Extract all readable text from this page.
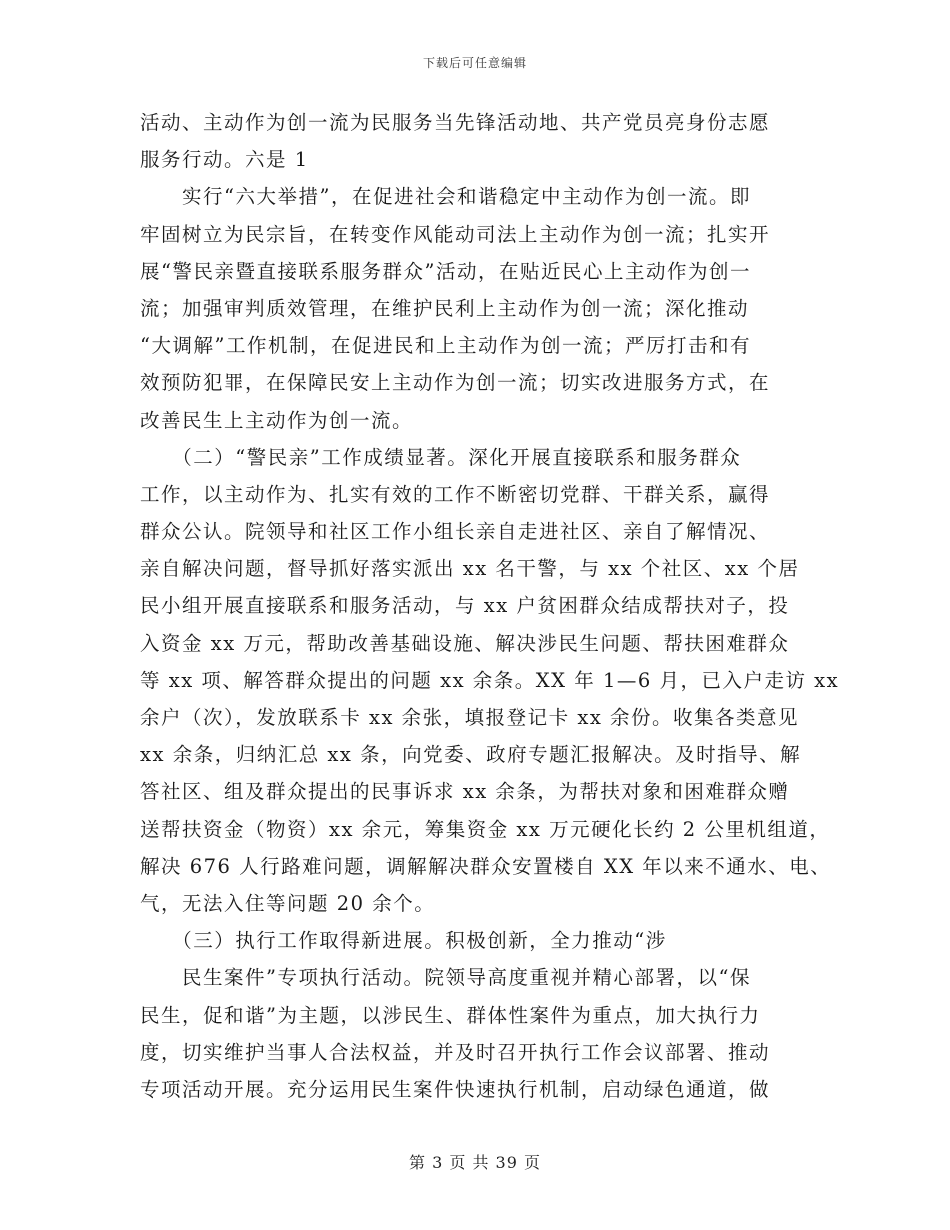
下载后可任意编辑
活动、主动作为创一流为民服务当先锋活动地、共产党员亮身份志愿
服务行动。六是 1
　　实行“六大举措”，在促进社会和谐稳定中主动作为创一流。即
牢固树立为民宗旨，在转变作风能动司法上主动作为创一流；扎实开
展“警民亲暨直接联系服务群众”活动，在贴近民心上主动作为创一
流；加强审判质效管理，在维护民利上主动作为创一流；深化推动
“大调解”工作机制，在促进民和上主动作为创一流；严厉打击和有
效预防犯罪，在保障民安上主动作为创一流；切实改进服务方式，在
改善民生上主动作为创一流。
　　（二）“警民亲”工作成绩显著。深化开展直接联系和服务群众
工作，以主动作为、扎实有效的工作不断密切党群、干群关系，赢得
群众公认。院领导和社区工作小组长亲自走进社区、亲自了解情况、
亲自解决问题，督导抓好落实派出 xx 名干警，与 xx 个社区、xx 个居
民小组开展直接联系和服务活动，与 xx 户贫困群众结成帮扶对子，投
入资金 xx 万元，帮助改善基础设施、解决涉民生问题、帮扶困难群众
等 xx 项、解答群众提出的问题 xx 余条。XX 年 1—6 月，已入户走访 xx
余户（次），发放联系卡 xx 余张，填报登记卡 xx 余份。收集各类意见
xx 余条，归纳汇总 xx 条，向党委、政府专题汇报解决。及时指导、解
答社区、组及群众提出的民事诉求 xx 余条，为帮扶对象和困难群众赠
送帮扶资金（物资）xx 余元，筹集资金 xx 万元硬化长约 2 公里机组道，
解决 676 人行路难问题，调解解决群众安置楼自 XX 年以来不通水、电、
气，无法入住等问题 20 余个。
　　（三）执行工作取得新进展。积极创新，全力推动“涉
　　民生案件”专项执行活动。院领导高度重视并精心部署，以“保
民生，促和谐”为主题，以涉民生、群体性案件为重点，加大执行力
度，切实维护当事人合法权益，并及时召开执行工作会议部署、推动
专项活动开展。充分运用民生案件快速执行机制，启动绿色通道，做
第 3 页 共 39 页
